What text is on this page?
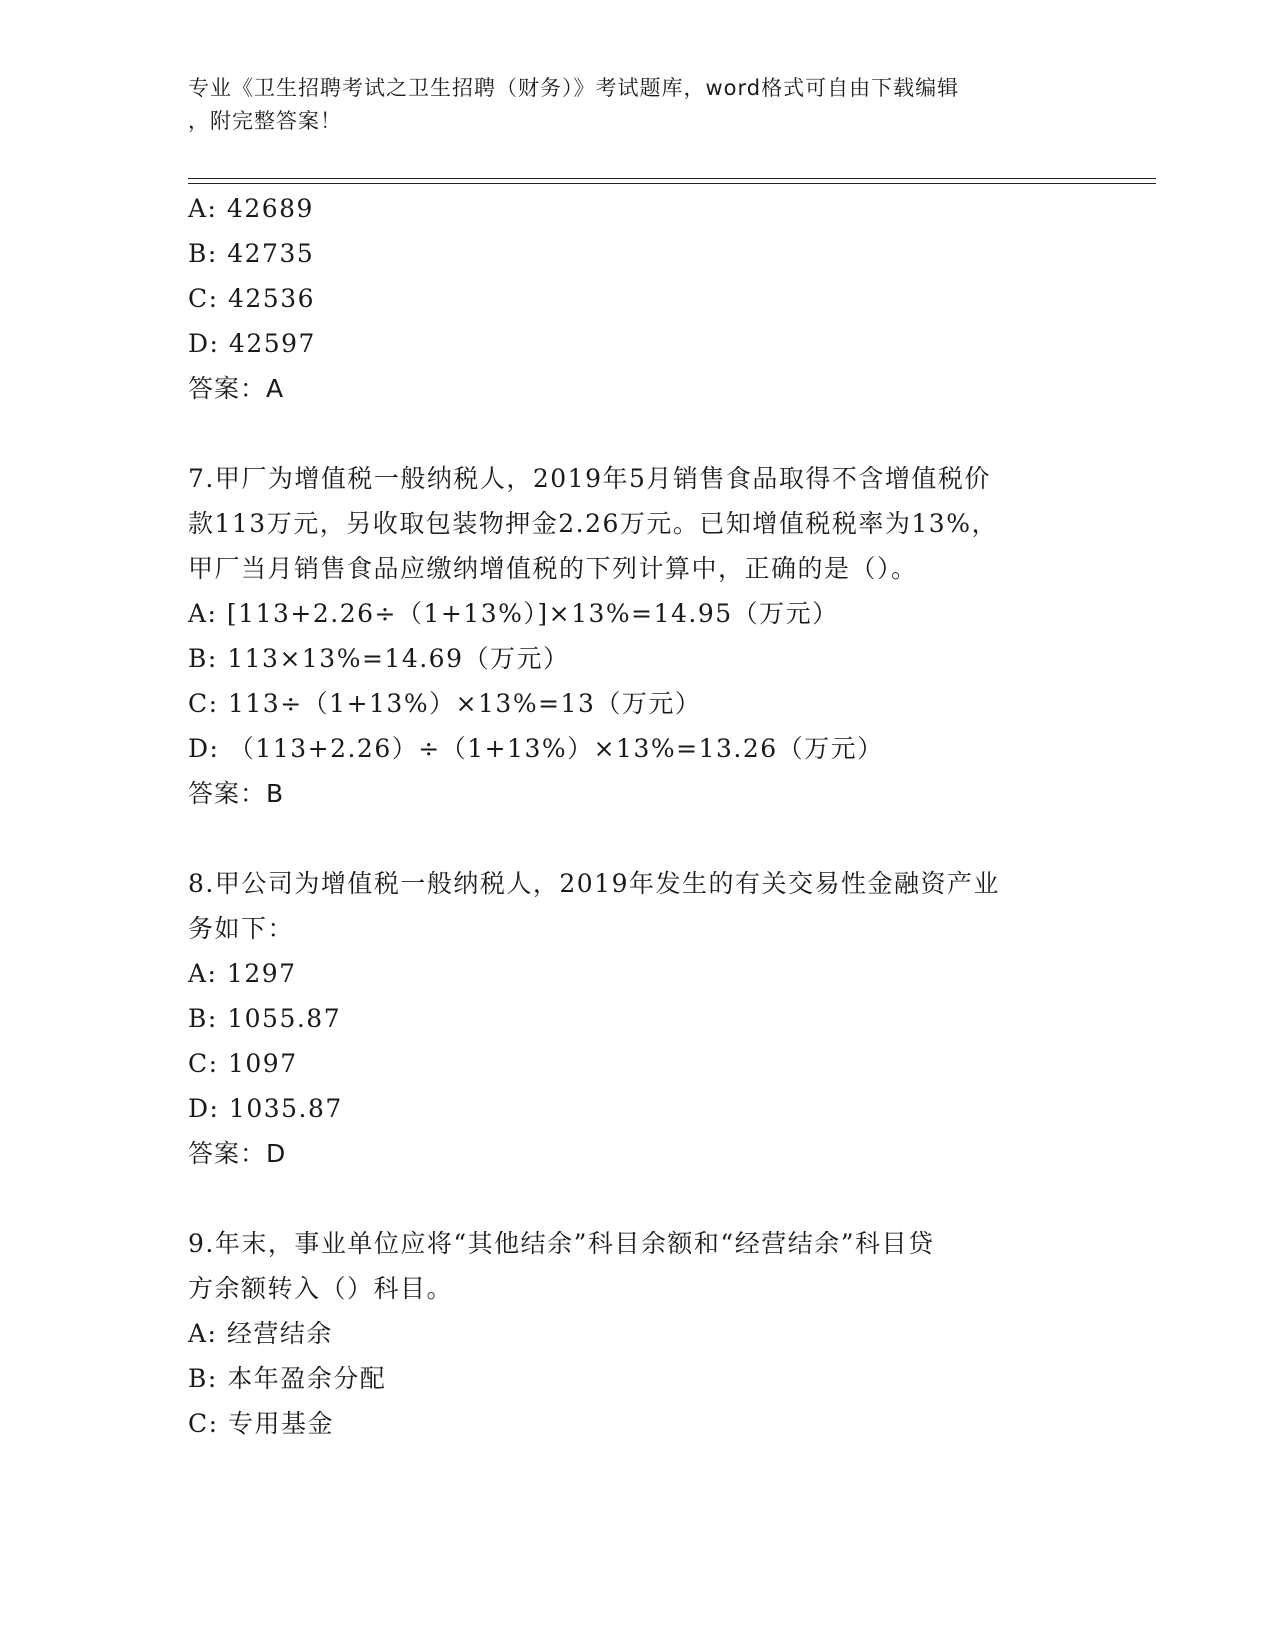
专业《卫生招聘考试之卫生招聘（财务）》考试题库，word格式可自由下载编辑
，附完整答案！
A: 42689
B: 42735
C: 42536
D: 42597
答案：A
7.甲厂为增值税一般纳税人，2019年5月销售食品取得不含增值税价
款113万元，另收取包装物押金2.26万元。已知增值税税率为13%，
甲厂当月销售食品应缴纳增值税的下列计算中，正确的是（）。
A: [113+2.26÷（1+13%）]×13%=14.95（万元）
B: 113×13%=14.69（万元）
C: 113÷（1+13%）×13%=13（万元）
D: （113+2.26）÷（1+13%）×13%=13.26（万元）
答案：B
8.甲公司为增值税一般纳税人，2019年发生的有关交易性金融资产业
务如下：
A: 1297
B: 1055.87
C: 1097
D: 1035.87
答案：D
9.年末，事业单位应将“其他结余”科目余额和“经营结余”科目贷
方余额转入（）科目。
A: 经营结余
B: 本年盈余分配
C: 专用基金
